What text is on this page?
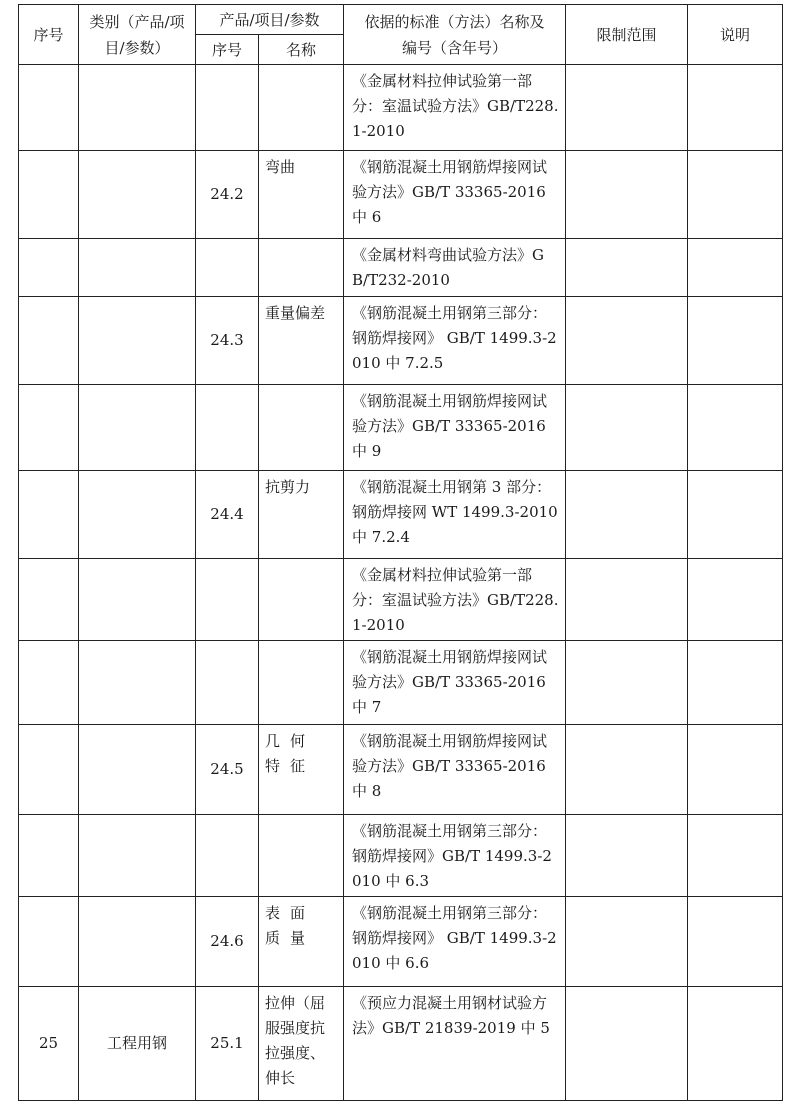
序号	类别（产品/项目/参数）	产品/项目/参数		依据的标准（方法）名称及编号（含年号）	限制范围	说明
		序号	名称			
				《金属材料拉伸试验第一部分：室温试验方法》GB/T228.1-2010		
		24.2	弯曲	《钢筋混凝土用钢筋焊接网试验方法》GB/T 33365-2016 中 6		
				《金属材料弯曲试验方法》GB/T232-2010		
		24.3	重量偏差	《钢筋混凝土用钢第三部分：钢筋焊接网》 GB/T 1499.3-2010 中 7.2.5		
				《钢筋混凝土用钢筋焊接网试验方法》GB/T 33365-2016 中 9		
		24.4	抗剪力	《钢筋混凝土用钢第 3 部分：钢筋焊接网 WT 1499.3-2010 中 7.2.4		
				《金属材料拉伸试验第一部分：室温试验方法》GB/T228.1-2010		
				《钢筋混凝土用钢筋焊接网试验方法》GB/T 33365-2016 中 7		
		24.5	几何特征	《钢筋混凝土用钢筋焊接网试验方法》GB/T 33365-2016 中 8		
				《钢筋混凝土用钢第三部分：钢筋焊接网》GB/T 1499.3-2010 中 6.3		
		24.6	表面质量	《钢筋混凝土用钢第三部分：钢筋焊接网》 GB/T 1499.3-2010 中 6.6		
25	工程用钢	25.1	拉伸（屈服强度抗拉强度、伸长	《预应力混凝土用钢材试验方法》GB/T 21839-2019 中 5		
